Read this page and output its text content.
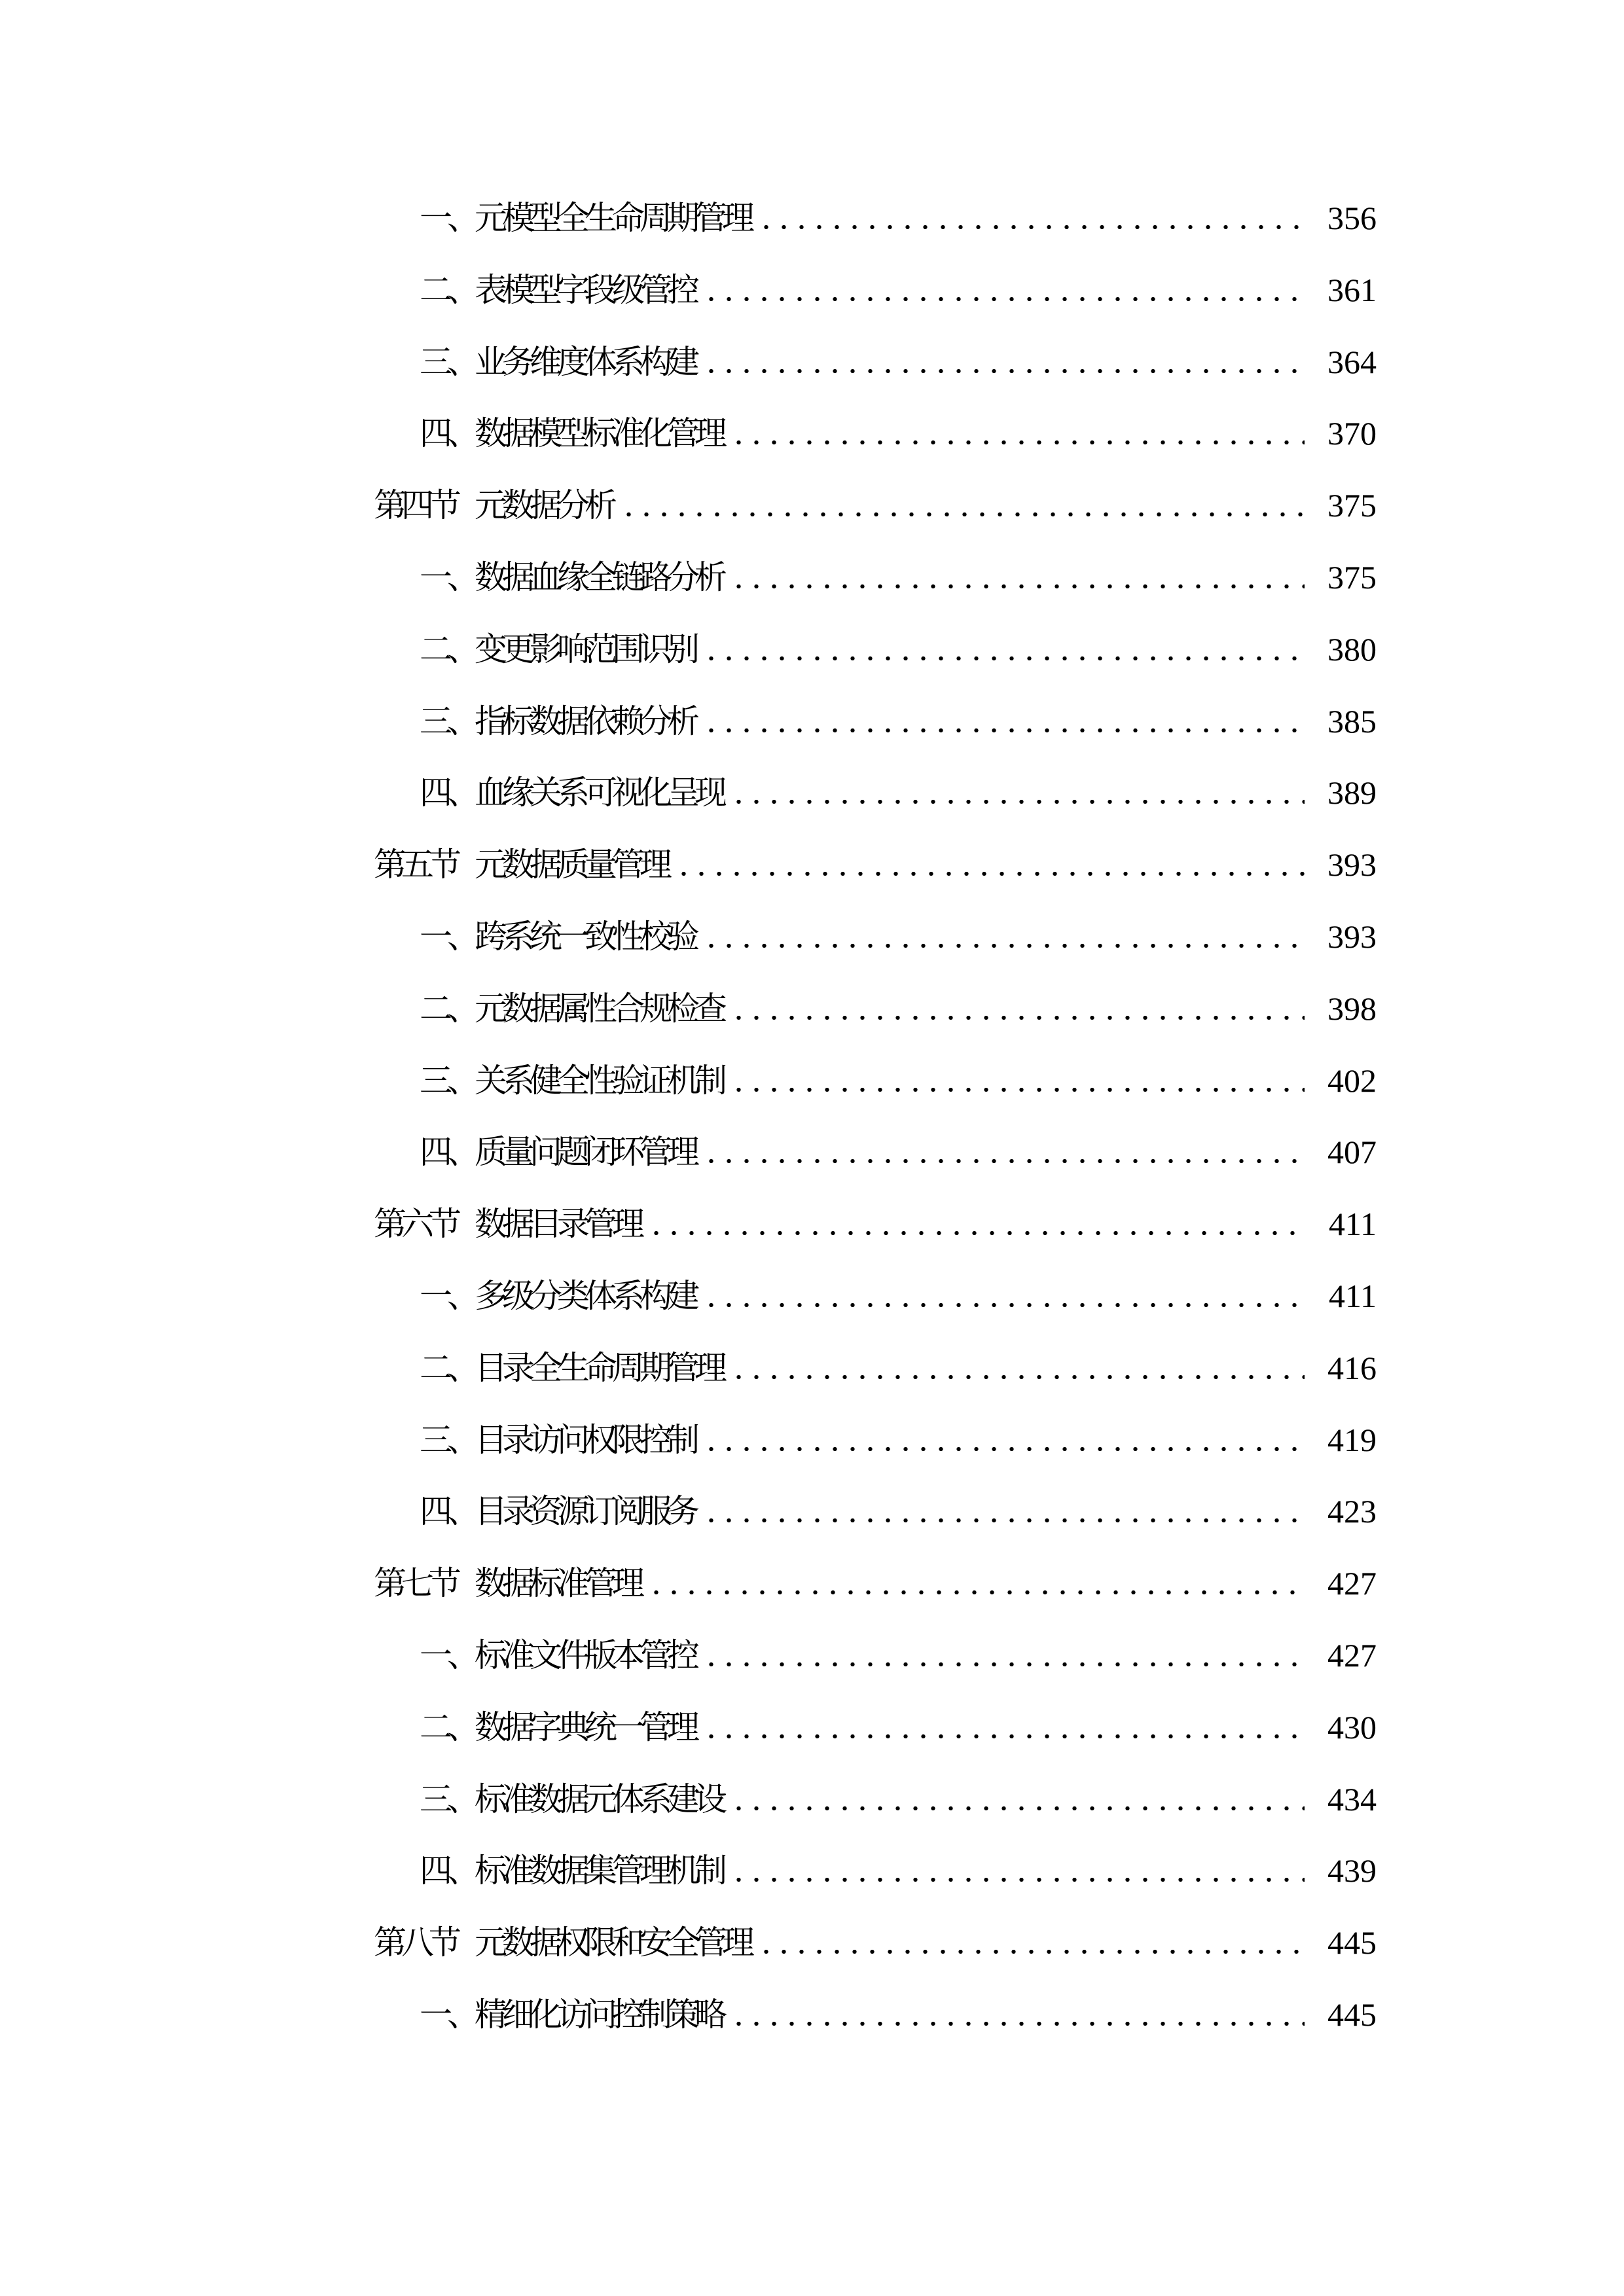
一、 元模型全生命周期管理	356
二、 表模型字段级管控	361
三、 业务维度体系构建	364
四、 数据模型标准化管理	370
第四节 元数据分析	375
一、 数据血缘全链路分析	375
二、 变更影响范围识别	380
三、 指标数据依赖分析	385
四、 血缘关系可视化呈现	389
第五节 元数据质量管理	393
一、 跨系统一致性校验	393
二、 元数据属性合规检查	398
三、 关系健全性验证机制	402
四、 质量问题闭环管理	407
第六节 数据目录管理	411
一、 多级分类体系构建	411
二、 目录全生命周期管理	416
三、 目录访问权限控制	419
四、 目录资源订阅服务	423
第七节 数据标准管理	427
一、 标准文件版本管控	427
二、 数据字典统一管理	430
三、 标准数据元体系建设	434
四、 标准数据集管理机制	439
第八节 元数据权限和安全管理	445
一、 精细化访问控制策略	445
